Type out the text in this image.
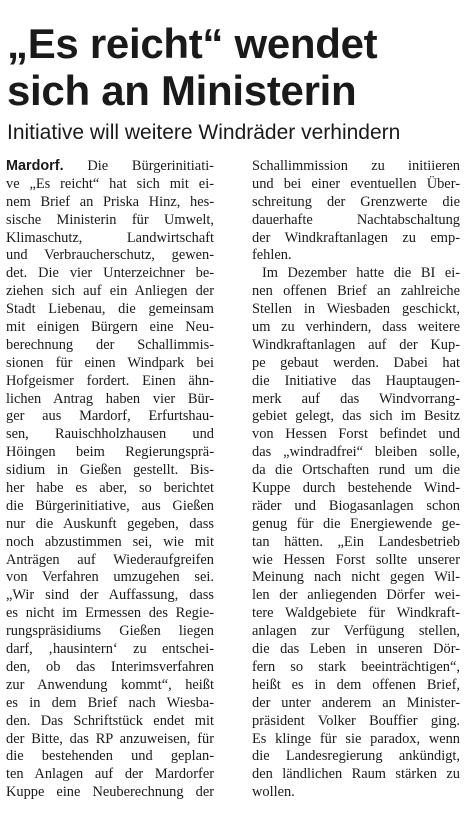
„Es reicht“ wendet
sich an Ministerin
Initiative will weitere Windräder verhindern
Mardorf. Die Bürgerinitiati-
ve „Es reicht“ hat sich mit ei-
nem Brief an Priska Hinz, hes-
sische Ministerin für Umwelt,
Klimaschutz, Landwirtschaft
und Verbraucherschutz, gewen-
det. Die vier Unterzeichner be-
ziehen sich auf ein Anliegen der
Stadt Liebenau, die gemeinsam
mit einigen Bürgern eine Neu-
berechnung der Schallimmis-
sionen für einen Windpark bei
Hofgeismer fordert. Einen ähn-
lichen Antrag haben vier Bür-
ger aus Mardorf, Erfurtshau-
sen, Rauischholzhausen und
Höingen beim Regierungsprä-
sidium in Gießen gestellt. Bis-
her habe es aber, so berichtet
die Bürgerinitiative, aus Gießen
nur die Auskunft gegeben, dass
noch abzustimmen sei, wie mit
Anträgen auf Wiederaufgreifen
von Verfahren umzugehen sei.
„Wir sind der Auffassung, dass
es nicht im Ermessen des Regie-
rungspräsidiums Gießen liegen
darf, ‚hausintern‘ zu entschei-
den, ob das Interimsverfahren
zur Anwendung kommt“, heißt
es in dem Brief nach Wiesba-
den. Das Schriftstück endet mit
der Bitte, das RP anzuweisen, für
die bestehenden und geplan-
ten Anlagen auf der Mardorfer
Kuppe eine Neuberechnung der
Schallimmission zu initiieren
und bei einer eventuellen Über-
schreitung der Grenzwerte die
dauerhafte Nachtabschaltung
der Windkraftanlagen zu emp-
fehlen.
Im Dezember hatte die BI ei-
nen offenen Brief an zahlreiche
Stellen in Wiesbaden geschickt,
um zu verhindern, dass weitere
Windkraftanlagen auf der Kup-
pe gebaut werden. Dabei hat
die Initiative das Hauptaugen-
merk auf das Windvorrang-
gebiet gelegt, das sich im Besitz
von Hessen Forst befindet und
das „windradfrei“ bleiben solle,
da die Ortschaften rund um die
Kuppe durch bestehende Wind-
räder und Biogasanlagen schon
genug für die Energiewende ge-
tan hätten. „Ein Landesbetrieb
wie Hessen Forst sollte unserer
Meinung nach nicht gegen Wil-
len der anliegenden Dörfer wei-
tere Waldgebiete für Windkraft-
anlagen zur Verfügung stellen,
die das Leben in unseren Dör-
fern so stark beeinträchtigen“,
heißt es in dem offenen Brief,
der unter anderem an Minister-
präsident Volker Bouffier ging.
Es klinge für sie paradox, wenn
die Landesregierung ankündigt,
den ländlichen Raum stärken zu
wollen.
